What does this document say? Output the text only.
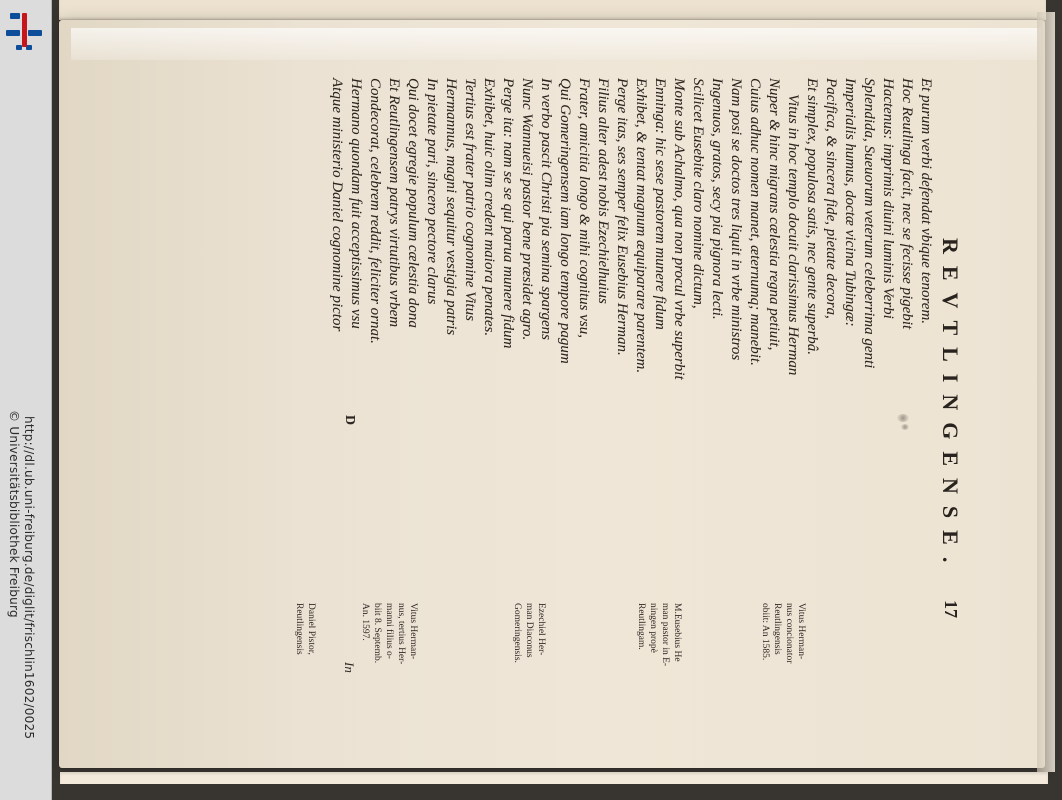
http://dl.ub.uni-freiburg.de/diglit/frischlin1602/0025
© Universitätsbibliothek Freiburg	REVTLINGENSE.
17
Et purum verbi defendat vbique tenorem.
Hoc Reutlinga facit, nec se fecisse pigebit
Hactenus: imprimis diuini luminis Verbi
Splendida, Sueuorum veterum celeberrima genti
Imperialis humus, doctæ vicina Tubingæ:
Pacifica, & sincera fide, pietate decora,
Et simplex, populosa satis, nec gente superbâ.
Vitus in hoc templo docuit clarissimus Herman
Nuper & hinc migrans cælestia regna petiuit,
Cuius adhuc nomen manet, æternumq; manebit.
Nam posi se doctos tres liquit in vrbe ministros
Ingenuos, gratos, secy pia pignora lecti.
Scilicet Eusebite claro nomine dictum,
Monte sub Achalmo, qua non procul vrbe superbit
Enninga: hic sese pastorem munere fidum
Exhibet, & tentat magnum æquiparare parentem.
Perge itas, ses semper felix Eusebius Herman.
Filius alter adest nobis Ezechielhuius
Frater, amicitia longo & mihi cognitus vsu,
Qui Gomeringensem iam longo tempore pagum
In verbo pascit Christi pia semina spargens
Nunc Wannueisi pastor bene præsidet agro.
Perge ita: nam se se qui parua munere fidum
Exhibet, huic olim credent maiora penates.
Tertius est frater patrio cognomine Vitus
Hermannus, magni sequitur vestigia patris
In pietate pari, sincero pectore clarus
Qui docet egregie populum cælestia dona
Et Reutlingensem patrys virtutibus vrbem
Condecorat, celebrem reddit, feliciter ornat.
Hermano quondam fuit acceptissimus vsu
Atque ministerio Daniel cognomine pictor
Vitus Herman-
nus concionator
Reutlingensis
obiit: An 1585.
M.Eusebius He
man pastor in E-
ningen propè
Reutlingam.
Ezechiel Her-
man Diaconus
Gomeringensis.
Vitus Herman-
nus, tertius Her-
manni filius o-
biit 8. Septemb.
An. 1597.
Daniel Pistor,
Reutlingensis
D
In
